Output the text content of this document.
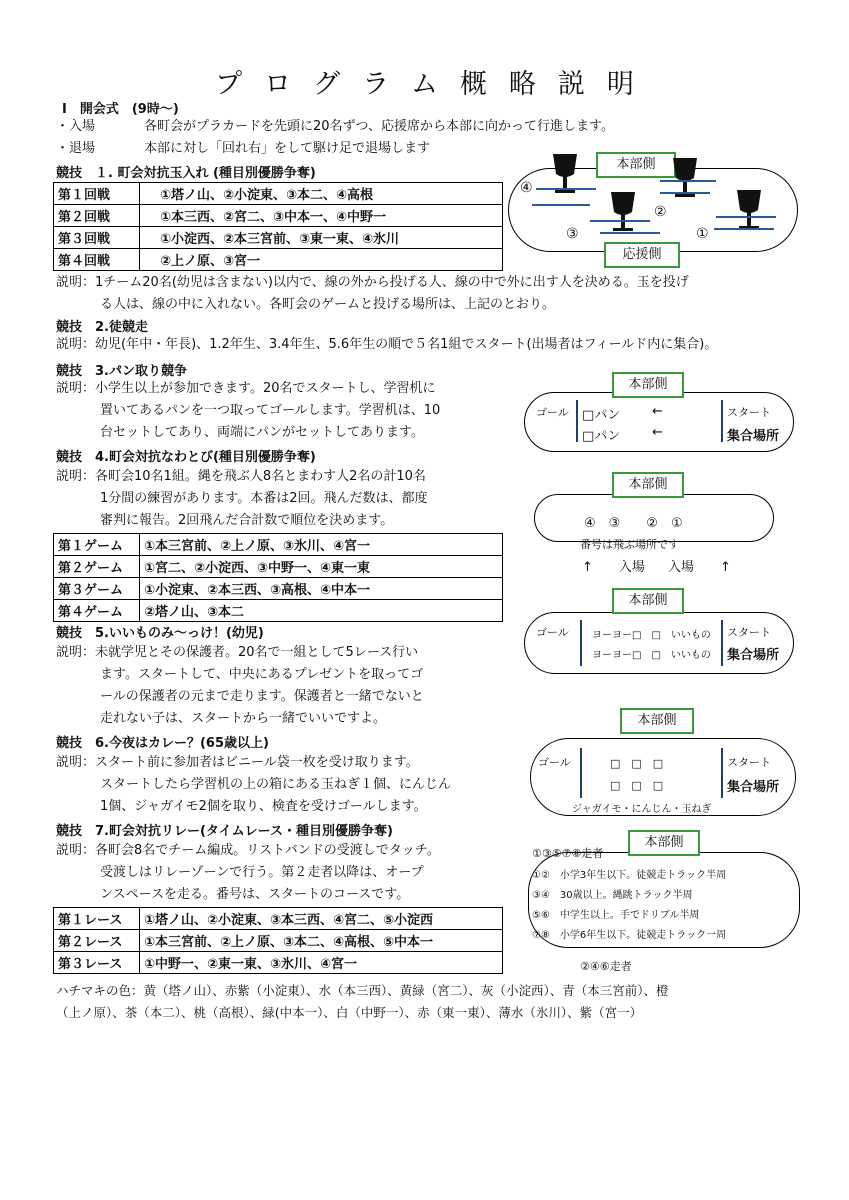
プログラム概略説明
Ⅰ　開会式　(9時〜)
・入場	各町会がプラカードを先頭に20名ずつ、応援席から本部に向かって行進します。
・退場	本部に対し「回れ右」をして駆け足で退場します
競技　１. 町会対抗玉入れ (種目別優勝争奪)
第１回戦	①塔ノ山、②小淀東、③本二、④高根
第２回戦	①本三西、②宮二、③中本一、④中野一
第３回戦	①小淀西、②本三宮前、③東一東、④氷川
第４回戦	②上ノ原、③宮一
説明：1チーム20名(幼児は含まない)以内で、線の外から投げる人、線の中で外に出す人を決める。玉を投げ
る人は、線の中に入れない。各町会のゲームと投げる場所は、上記のとおり。
本部側
応援側
④
②
③	①
競技　2.徒競走
説明：幼児(年中・年長)、1.2年生、3.4年生、5.6年生の順で５名1組でスタート(出場者はフィールド内に集合)。
競技　3.パン取り競争
説明：小学生以上が参加できます。20名でスタートし、学習机に
置いてあるパンを一つ取ってゴールします。学習机は、10
台セットしてあり、両端にパンがセットしてあります。
本部側
ゴール □パン
□パン
←
←
スタート
集合場所
競技　4.町会対抗なわとび(種目別優勝争奪)
説明：各町会10名1組。縄を飛ぶ人8名とまわす人2名の計10名
1分間の練習があります。本番は2回。飛んだ数は、都度
審判に報告。2回飛んだ合計数で順位を決めます。
第１ゲーム	①本三宮前、②上ノ原、③氷川、④宮一
第２ゲーム	①宮二、②小淀西、③中野一、④東一東
第３ゲーム	①小淀東、②本三西、③高根、④中本一
第４ゲーム	②塔ノ山、③本二
本部側
④　③　　②　①
番号は飛ぶ場所です
↑　　入場 入場　　↑
競技　5.いいものみ〜っけ！(幼児)
説明：未就学児とその保護者。20名で一組として5レース行い
ます。スタートして、中央にあるプレゼントを取ってゴ
ールの保護者の元まで走ります。保護者と一緒でないと
走れない子は、スタートから一緒でいいですよ。
本部側
ゴール ヨーヨー□　□　いいもの
ヨーヨー□　□　いいもの
スタート
集合場所
競技　6.今夜はカレー？(65歳以上)
説明：スタート前に参加者はビニール袋一枚を受け取ります。
スタートしたら学習机の上の箱にある玉ねぎ１個、にんじん
1個、ジャガイモ2個を取り、検査を受けゴールします。
本部側
ゴール	□　□　□
□　□　□
スタート
集合場所
ジャガイモ・にんじん・玉ねぎ
競技　7.町会対抗リレー(タイムレース・種目別優勝争奪)
説明：各町会8名でチーム編成。リストバンドの受渡しでタッチ。
受渡しはリレーゾーンで行う。第２走者以降は、オープ
ンスペースを走る。番号は、スタートのコースです。
第１レース	①塔ノ山、②小淀東、③本三西、④宮二、⑤小淀西
第２レース	①本三宮前、②上ノ原、③本二、④高根、⑤中本一
第３レース	①中野一、②東一東、③氷川、④宮一
①③⑤⑦⑧走者
本部側
①②　小学3年生以下。徒競走トラック半周
③④　30歳以上。縄跳トラック半周
⑤⑥　中学生以上。手でドリブル半周
⑦⑧　小学6年生以下。徒競走トラック一周
②④⑥走者
ハチマキの色：黄（塔ノ山）、赤紫（小淀東）、水（本三西）、黄緑（宮二）、灰（小淀西）、青（本三宮前）、橙
（上ノ原）、茶（本二）、桃（高根）、緑(中本一）、白（中野一）、赤（東一東）、薄水（氷川）、紫（宮一）
